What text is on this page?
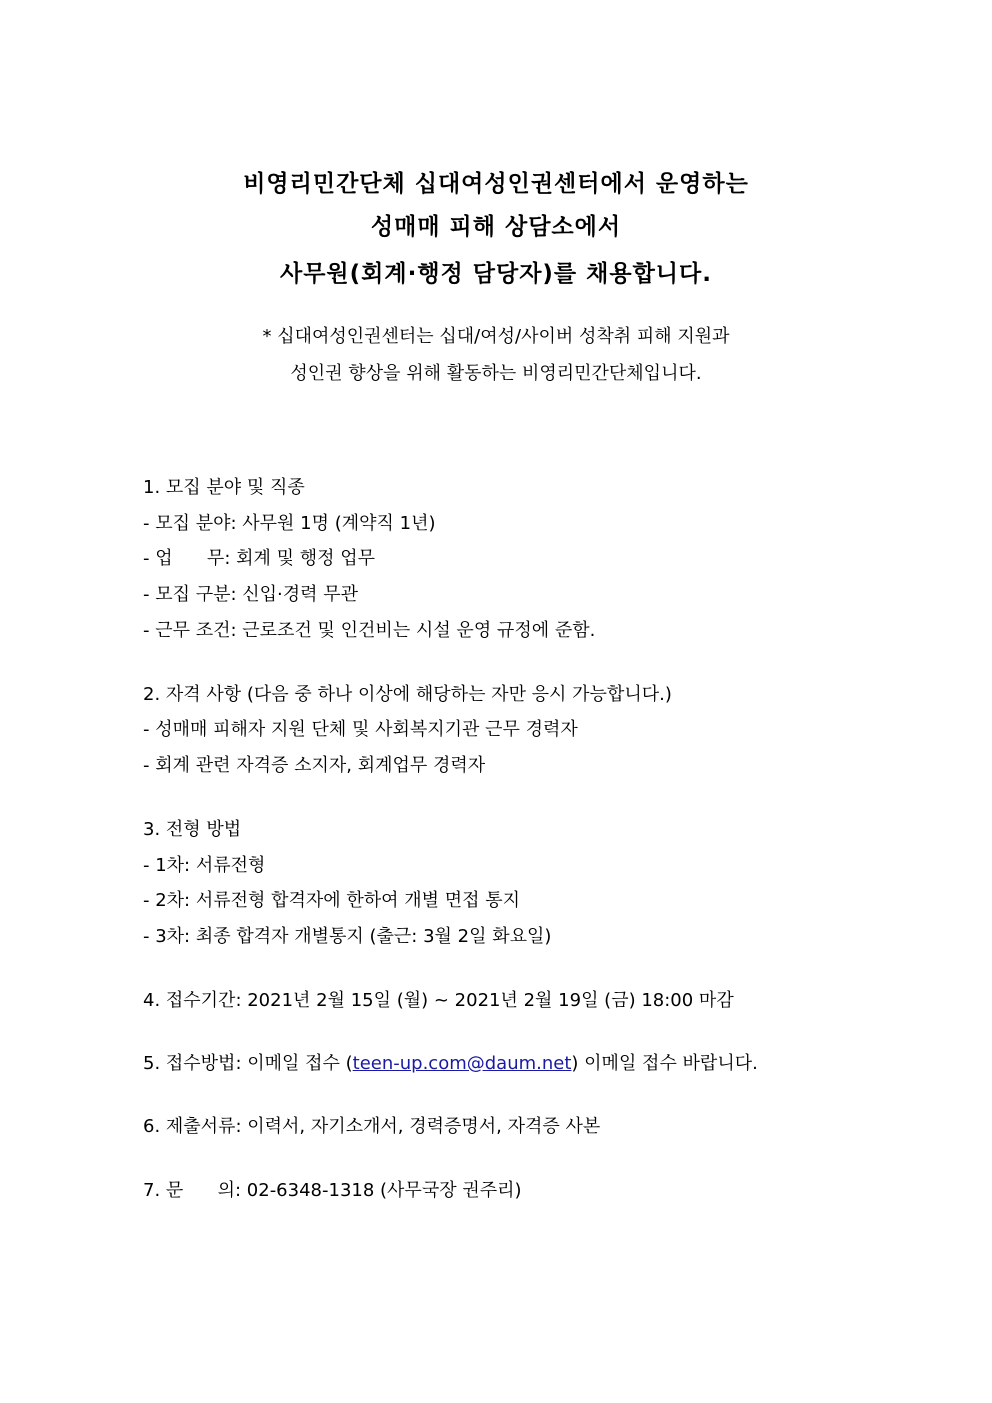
비영리민간단체 십대여성인권센터에서 운영하는
성매매 피해 상담소에서
사무원(회계·행정 담당자)를 채용합니다.
* 십대여성인권센터는 십대/여성/사이버 성착취 피해 지원과
성인권 향상을 위해 활동하는 비영리민간단체입니다.
1. 모집 분야 및 직종
- 모집 분야: 사무원 1명 (계약직 1년)
- 업      무: 회계 및 행정 업무
- 모집 구분: 신입·경력 무관
- 근무 조건: 근로조건 및 인건비는 시설 운영 규정에 준함.
2. 자격 사항 (다음 중 하나 이상에 해당하는 자만 응시 가능합니다.)
- 성매매 피해자 지원 단체 및 사회복지기관 근무 경력자
- 회계 관련 자격증 소지자, 회계업무 경력자
3. 전형 방법
- 1차: 서류전형
- 2차: 서류전형 합격자에 한하여 개별 면접 통지
- 3차: 최종 합격자 개별통지 (출근: 3월 2일 화요일)
4. 접수기간: 2021년 2월 15일 (월) ~ 2021년 2월 19일 (금) 18:00 마감
5. 접수방법: 이메일 접수 (teen-up.com@daum.net) 이메일 접수 바랍니다.
6. 제출서류: 이력서, 자기소개서, 경력증명서, 자격증 사본
7. 문      의: 02-6348-1318 (사무국장 권주리)
